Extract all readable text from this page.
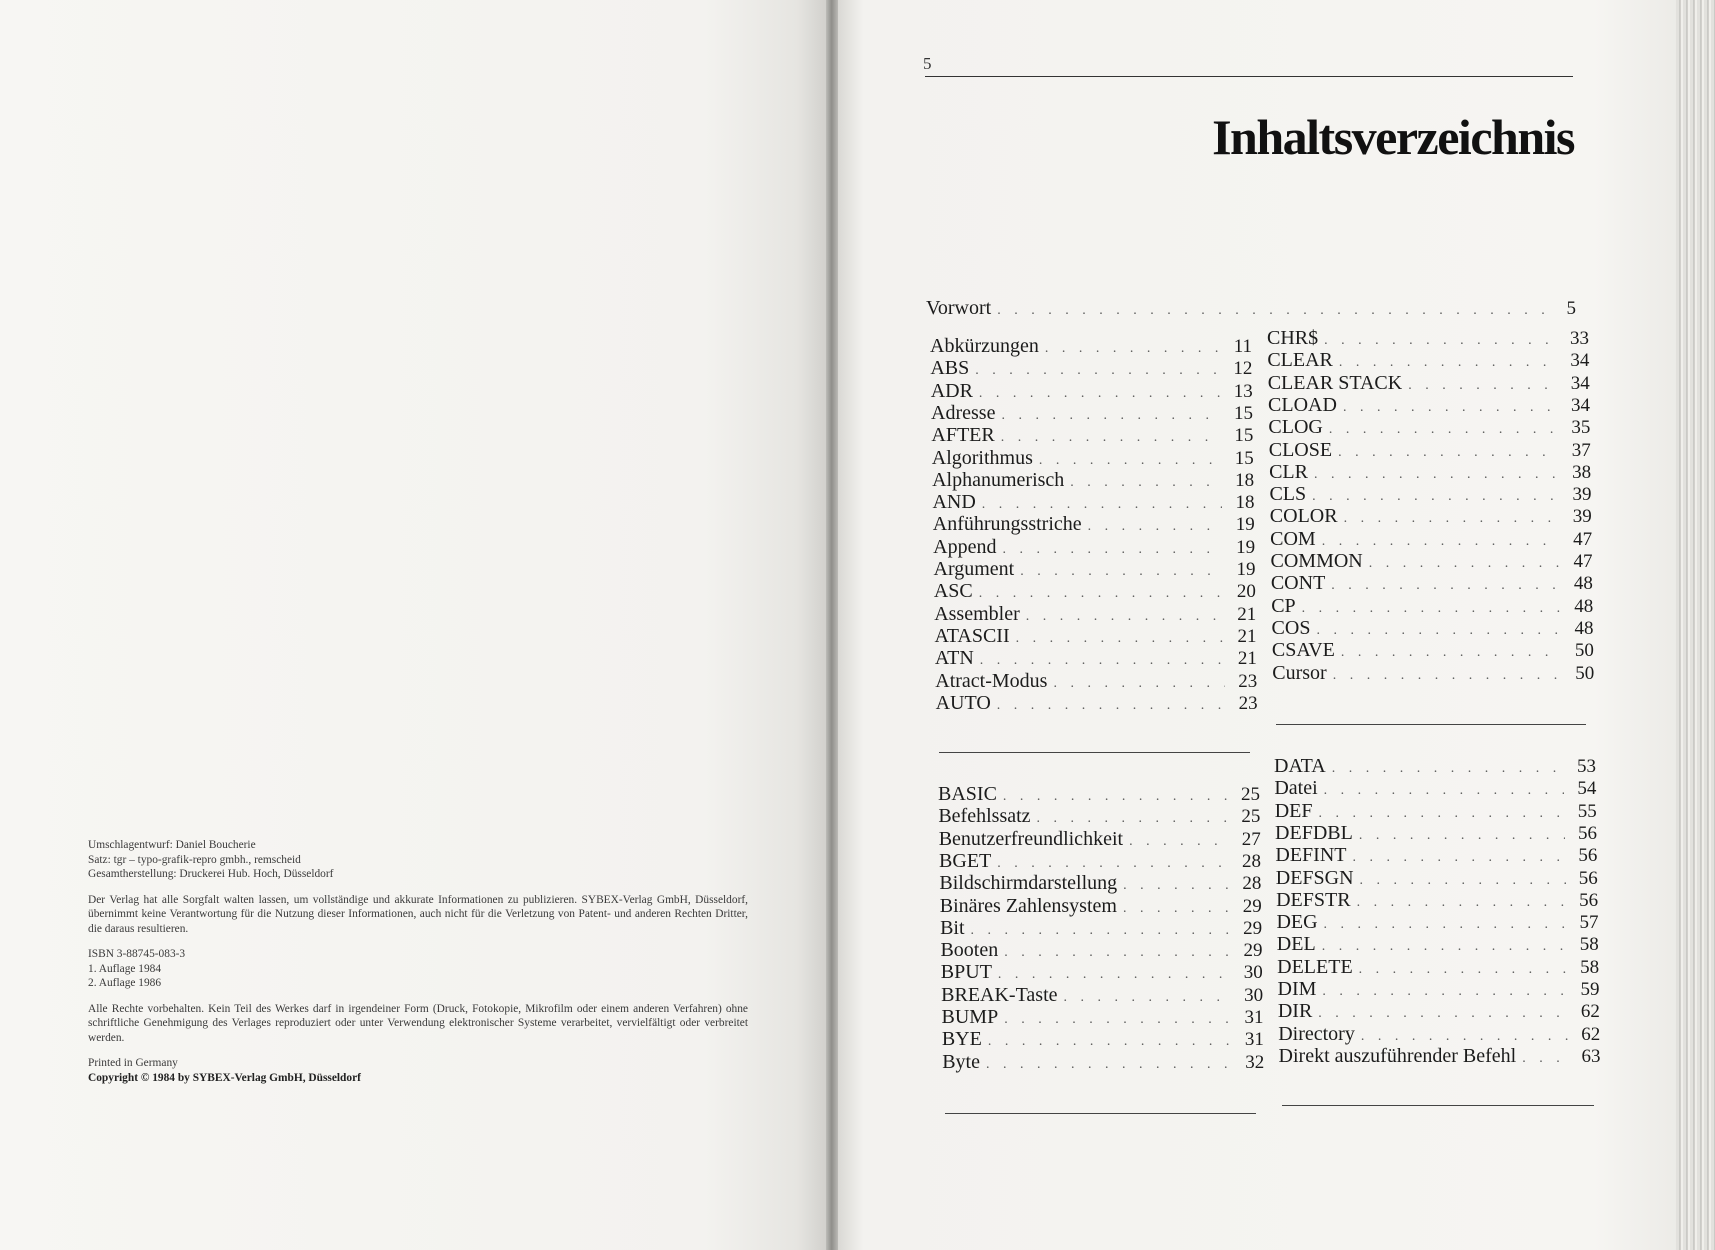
Umschlagentwurf: Daniel Boucherie
Satz: tgr – typo-grafik-repro gmbh., remscheid
Gesamtherstellung: Druckerei Hub. Hoch, Düsseldorf
Der Verlag hat alle Sorgfalt walten lassen, um vollständige und akkurate Informationen zu publizieren. SYBEX-Verlag GmbH, Düsseldorf, übernimmt keine Verantwortung für die Nutzung dieser Informationen, auch nicht für die Verletzung von Patent- und anderen Rechten Dritter, die daraus resultieren.
ISBN 3-88745-083-3
1. Auflage 1984
2. Auflage 1986
Alle Rechte vorbehalten. Kein Teil des Werkes darf in irgendeiner Form (Druck, Fotokopie, Mikrofilm oder einem anderen Verfahren) ohne schriftliche Genehmigung des Verlages reproduziert oder unter Verwendung elektronischer Systeme verarbeitet, vervielfältigt oder verbreitet werden.
Printed in Germany
Copyright © 1984 by SYBEX-Verlag GmbH, Düsseldorf
5
Inhaltsverzeichnis
Vorwort . . .	5
Abkürzungen . . .	11
ABS . . .	12
ADR . . .	13
Adresse . . .	15
AFTER . . .	15
Algorithmus . . .	15
Alphanumerisch . . .	18
AND . . .	18
Anführungsstriche . . .	19
Append . . .	19
Argument . . .	19
ASC . . .	20
Assembler . . .	21
ATASCII . . .	21
ATN . . .	21
Atract-Modus . . .	23
AUTO . . .	23
CHR$ . . .	33
CLEAR . . .	34
CLEAR STACK . . .	34
CLOAD . . .	34
CLOG . . .	35
CLOSE . . .	37
CLR . . .	38
CLS . . .	39
COLOR . . .	39
COM . . .	47
COMMON . . .	47
CONT . . .	48
CP . . .	48
COS . . .	48
CSAVE . . .	50
Cursor . . .	50
BASIC . . .	25
Befehlssatz . . .	25
Benutzerfreundlichkeit . . .	27
BGET . . .	28
Bildschirmdarstellung . . .	28
Binäres Zahlensystem . . .	29
Bit . . .	29
Booten . . .	29
BPUT . . .	30
BREAK-Taste . . .	30
BUMP . . .	31
BYE . . .	31
Byte . . .	32
DATA . . .	53
Datei . . .	54
DEF . . .	55
DEFDBL . . .	56
DEFINT . . .	56
DEFSGN . . .	56
DEFSTR . . .	56
DEG . . .	57
DEL . . .	58
DELETE . . .	58
DIM . . .	59
DIR . . .	62
Directory . . .	62
Direkt auszuführender Befehl . . .	63
